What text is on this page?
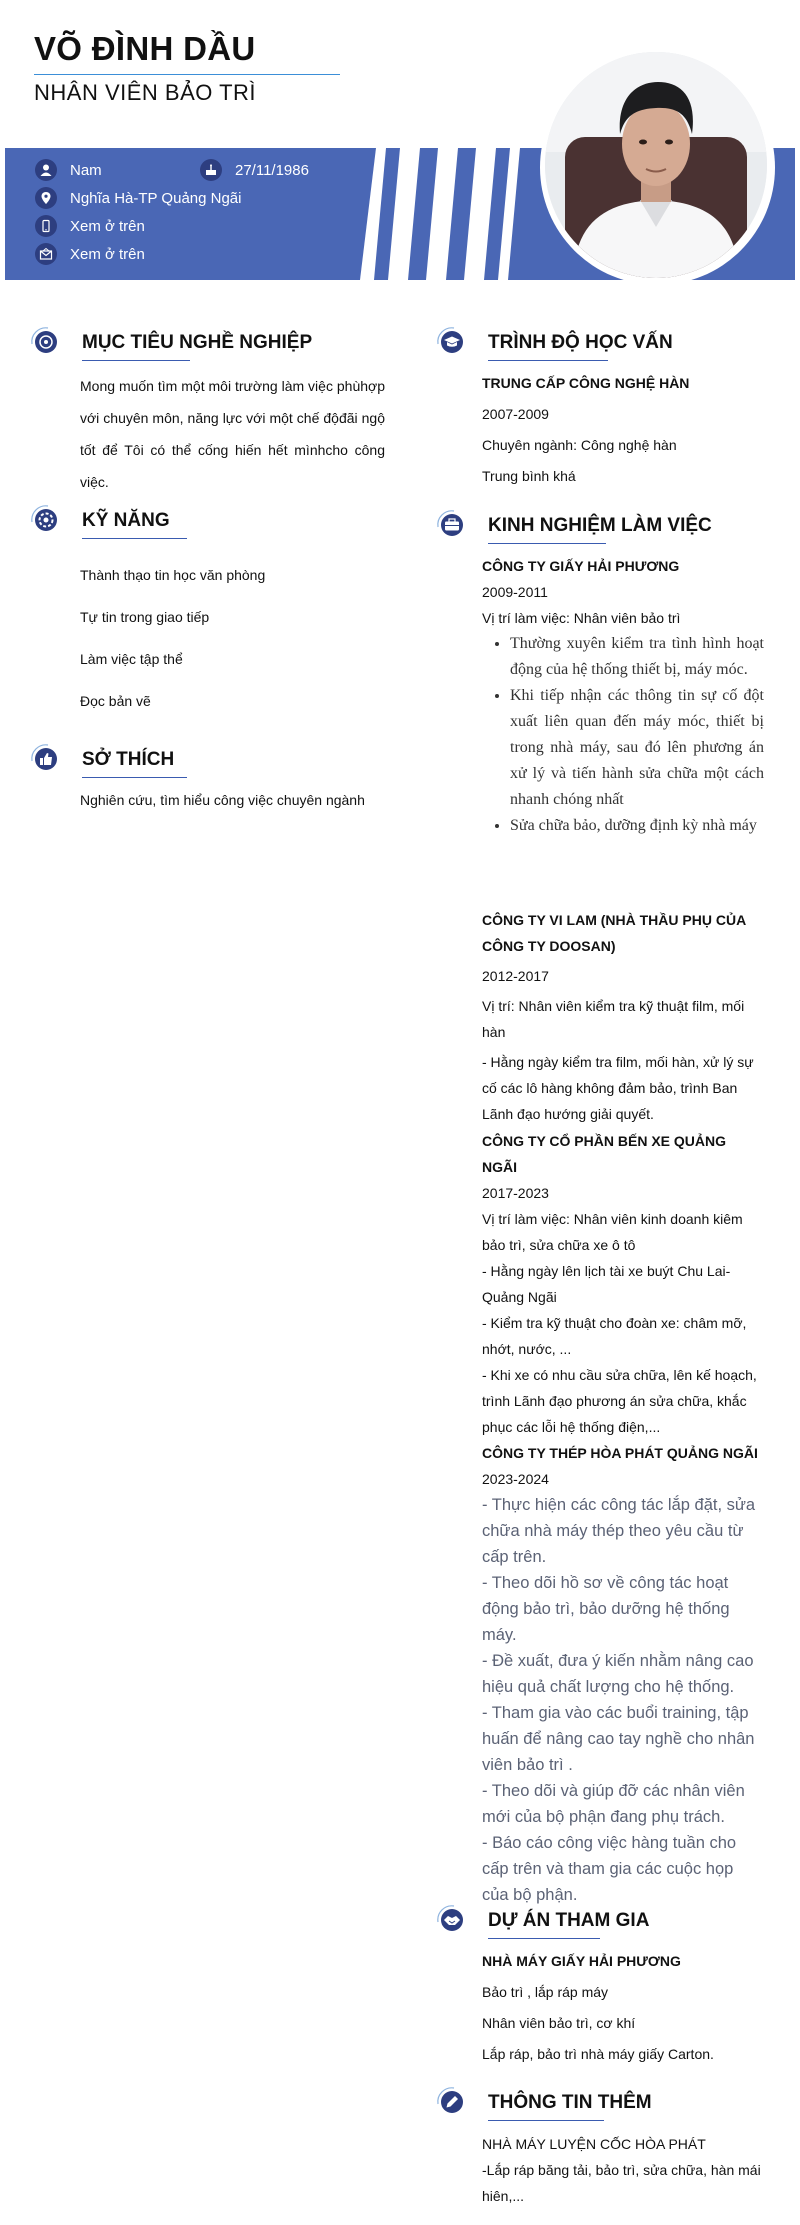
VÕ ĐÌNH DẦU
NHÂN VIÊN BẢO TRÌ
Nam	27/11/1986
Nghĩa Hà-TP Quảng Ngãi
Xem ở trên
Xem ở trên
MỤC TIÊU NGHỀ NGHIỆP
Mong muốn tìm một môi trường làm việc phùhợp với chuyên môn, năng lực với một chế độđãi ngộ tốt để Tôi có thể cống hiến hết mìnhcho công việc.
KỸ NĂNG
Thành thạo tin học văn phòng
Tự tin trong giao tiếp
Làm việc tập thể
Đọc bản vẽ
SỞ THÍCH
Nghiên cứu, tìm hiểu công việc chuyên ngành
TRÌNH ĐỘ HỌC VẤN

TRUNG CẤP CÔNG NGHỆ HÀN

2007-2009

Chuyên ngành: Công nghệ hàn

Trung bình khá

KINH NGHIỆM LÀM VIỆC

CÔNG TY GIẤY HẢI PHƯƠNG

2009-2011

Vị trí làm việc: Nhân viên bảo trì

• Thường xuyên kiểm tra tình hình hoạt động của hệ thống thiết bị, máy móc.
• Khi tiếp nhận các thông tin sự cố đột xuất liên quan đến máy móc, thiết bị trong nhà máy, sau đó lên phương án xử lý và tiến hành sửa chữa một cách nhanh chóng nhất
• Sửa chữa bảo, dưỡng định kỳ nhà máy

CÔNG TY VI LAM (NHÀ THẦU PHỤ CỦA CÔNG TY DOOSAN)

2012-2017

Vị trí: Nhân viên kiểm tra kỹ thuật film, mối hàn

- Hằng ngày kiểm tra film, mối hàn, xử lý sự cố các lô hàng không đảm bảo, trình Ban Lãnh đạo hướng giải quyết.

CÔNG TY CỔ PHẦN BẾN XE QUẢNG NGÃI

2017-2023

Vị trí làm việc: Nhân viên kinh doanh kiêm bảo trì, sửa chữa xe ô tô

- Hằng ngày lên lịch tài xe buýt Chu Lai-Quảng Ngãi

- Kiểm tra kỹ thuật cho đoàn xe: châm mỡ, nhớt, nước, ...

- Khi xe có nhu cầu sửa chữa, lên kế hoạch, trình Lãnh đạo phương án sửa chữa, khắc phục các lỗi hệ thống điện,...

CÔNG TY THÉP HÒA PHÁT QUẢNG NGÃI

2023-2024

- Thực hiện các công tác lắp đặt, sửa chữa nhà máy thép theo yêu cầu từ cấp trên.

- Theo dõi hồ sơ về công tác hoạt động bảo trì, bảo dưỡng hệ thống máy.

- Đề xuất, đưa ý kiến nhằm nâng cao hiệu quả chất lượng cho hệ thống.

- Tham gia vào các buổi training, tập huấn để nâng cao tay nghề cho nhân viên bảo trì .

- Theo dõi và giúp đỡ các nhân viên mới của bộ phận đang phụ trách.

- Báo cáo công việc hàng tuần cho cấp trên và tham gia các cuộc họp của bộ phận.

DỰ ÁN THAM GIA

NHÀ MÁY GIẤY HẢI PHƯƠNG

Bảo trì , lắp ráp máy

Nhân viên bảo trì, cơ khí

Lắp ráp, bảo trì nhà máy giấy Carton.

THÔNG TIN THÊM

NHÀ MÁY LUYỆN CỐC HÒA PHÁT

-Lắp ráp băng tải, bảo trì, sửa chữa, hàn mái hiên,...
